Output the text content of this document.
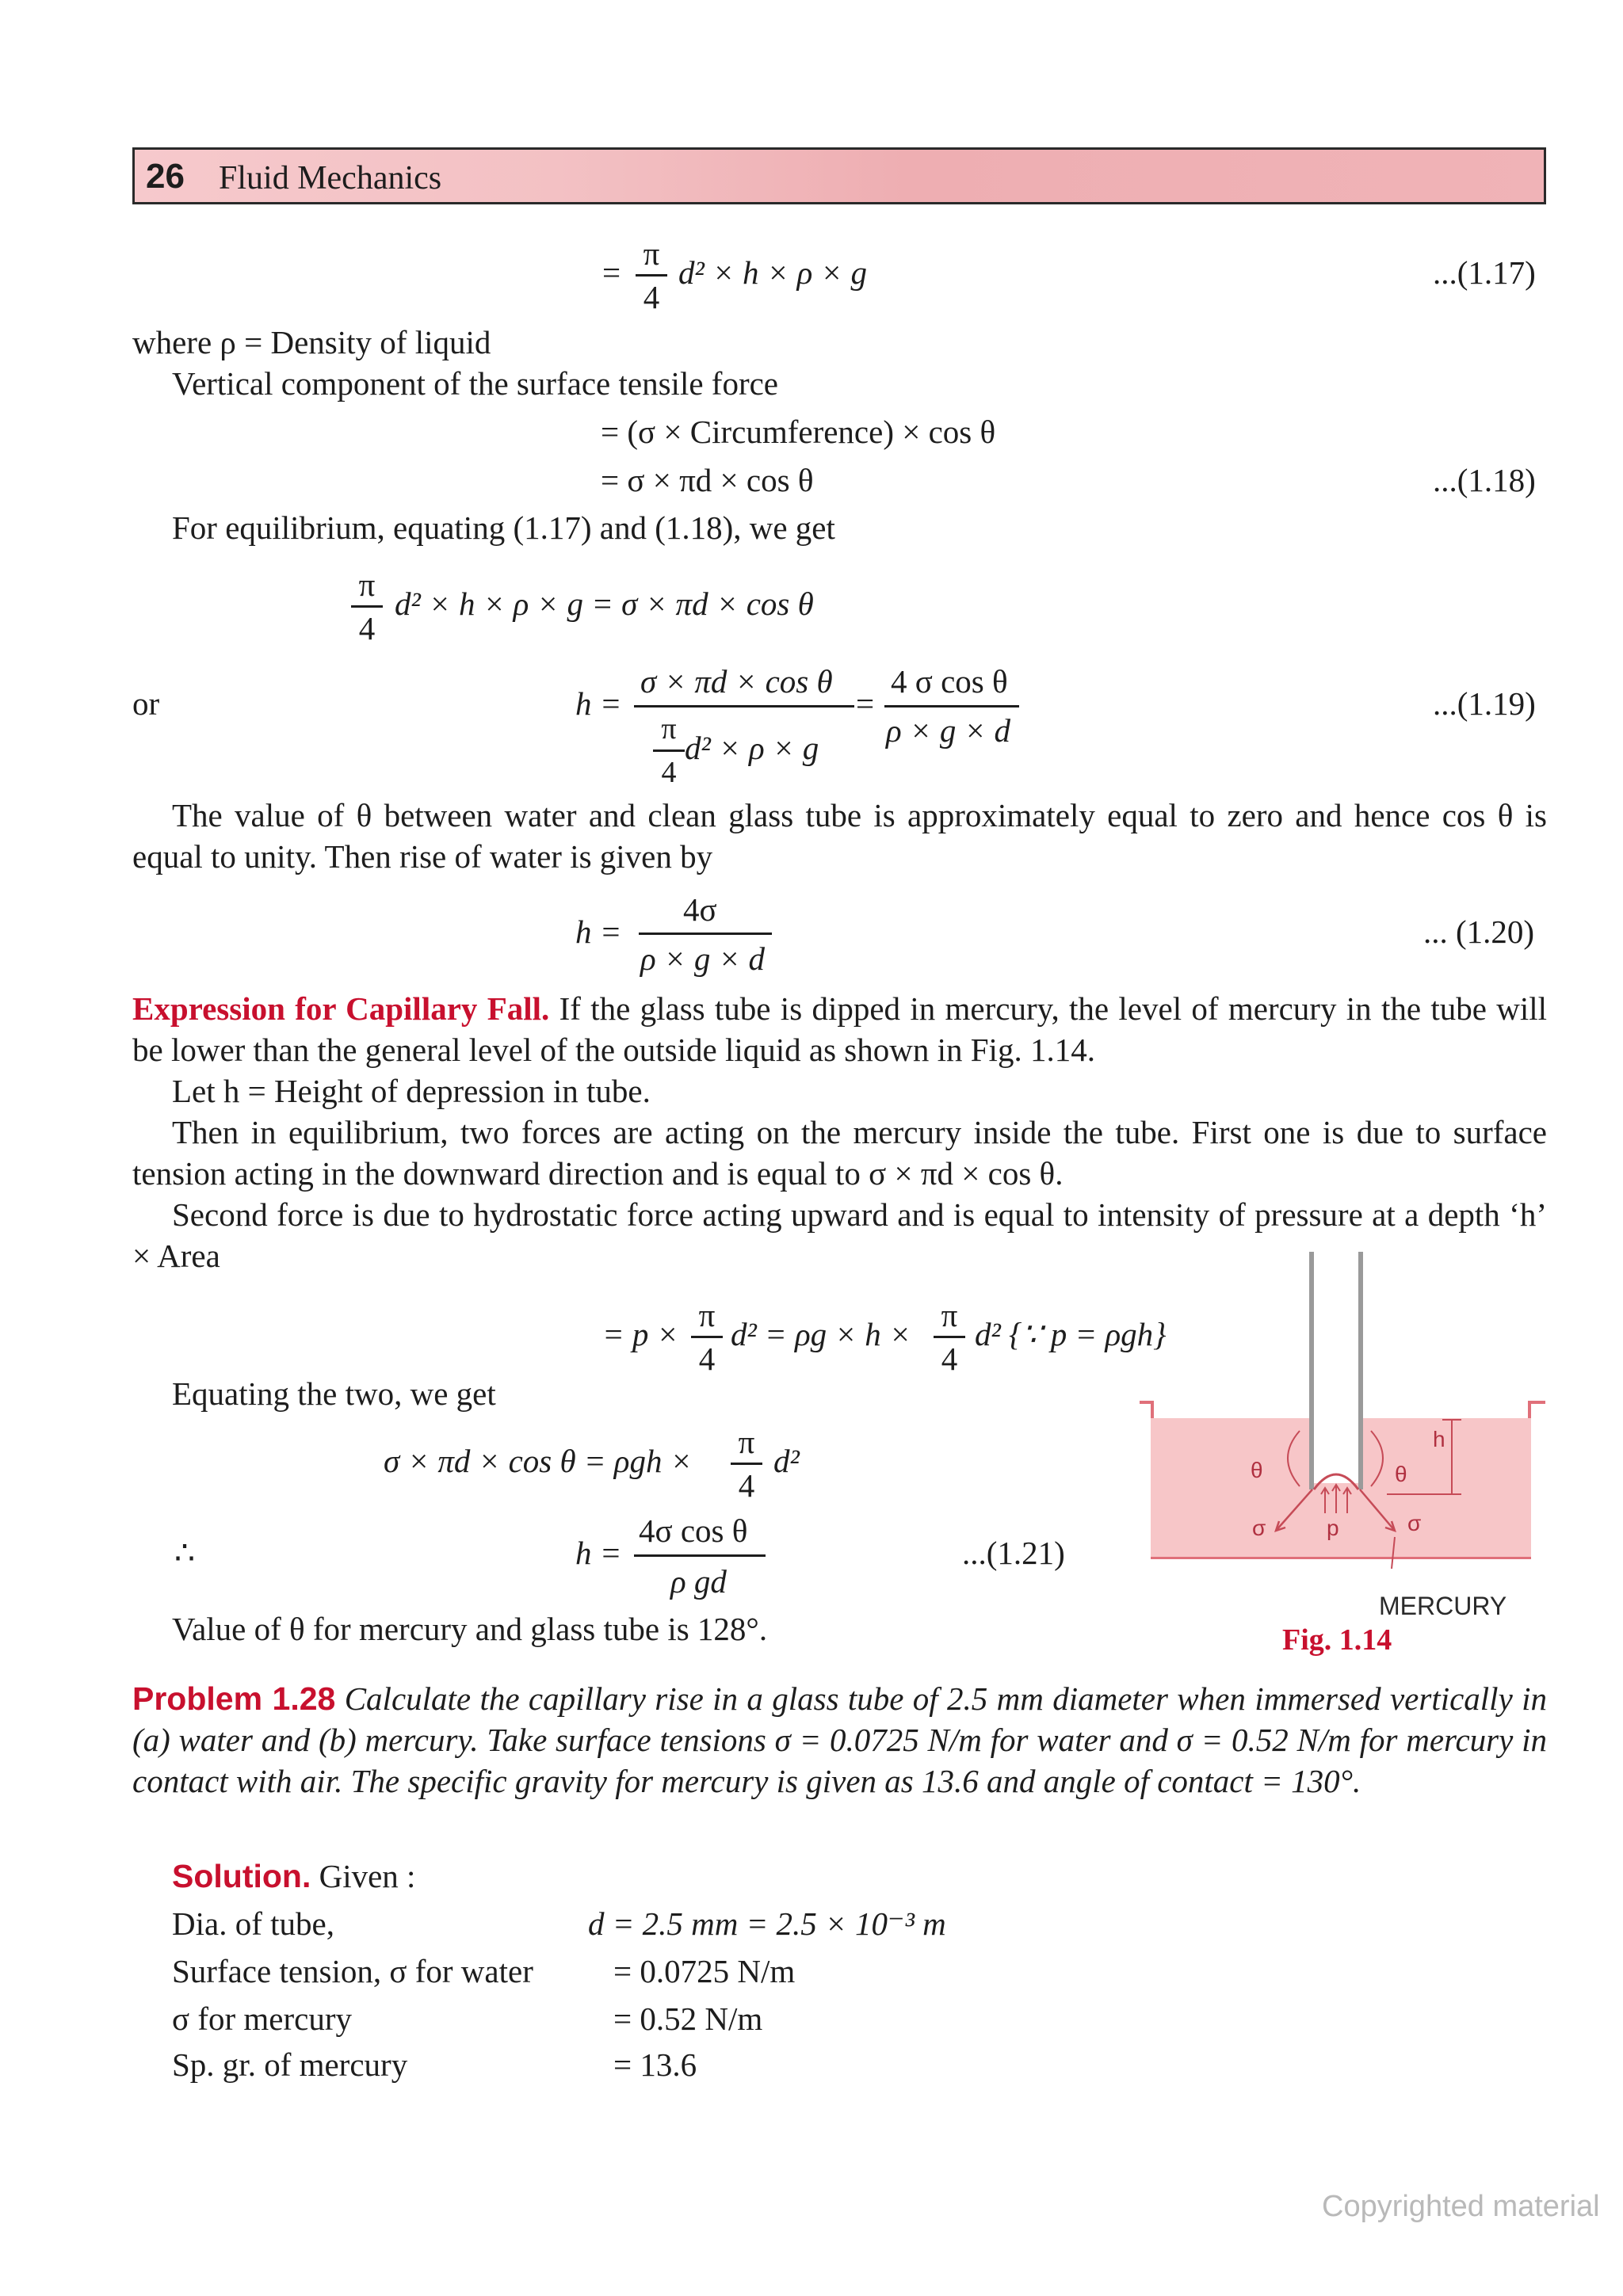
26 Fluid Mechanics
=
π
4
d² × h × ρ × g	...(1.17)
where ρ = Density of liquid
Vertical component of the surface tensile force
= (σ × Circumference) × cos θ
= σ × πd × cos θ	...(1.18)
For equilibrium, equating (1.17) and (1.18), we get
π
4
d² × h × ρ × g = σ × πd × cos θ
or	h =
σ × πd × cos θ
π
4
d² × ρ × g
=
4 σ cos θ
ρ × g × d
...(1.19)
The value of θ between water and clean glass tube is approximately equal to zero and hence cos θ is equal to unity. Then rise of water is given by
h =
4σ
ρ × g × d
... (1.20)
Expression for Capillary Fall. If the glass tube is dipped in mercury, the level of mercury in the tube will be lower than the general level of the outside liquid as shown in Fig. 1.14.
Let h = Height of depression in tube.
Then in equilibrium, two forces are acting on the mercury inside the tube. First one is due to surface tension acting in the downward direction and is equal to σ × πd × cos θ.
Second force is due to hydrostatic force acting upward and is equal to intensity of pressure at a depth ‘h’ × Area
= p ×
π
4
d² = ρg × h ×
π
4
d² {∵ p = ρgh}
Equating the two, we get
σ × πd × cos θ = ρgh ×
π
4
d²
∴	h =
4σ cos θ
ρ gd
...(1.21)
Value of θ for mercury and glass tube is 128°.
θ	θ
σ	σ
p
h
MERCURY
Fig. 1.14
Problem 1.28 Calculate the capillary rise in a glass tube of 2.5 mm diameter when immersed vertically in (a) water and (b) mercury. Take surface tensions σ = 0.0725 N/m for water and σ = 0.52 N/m for mercury in contact with air. The specific gravity for mercury is given as 13.6 and angle of contact = 130°.
Solution. Given :
Dia. of tube,	d = 2.5 mm = 2.5 × 10⁻³ m
Surface tension, σ for water = 0.0725 N/m
σ for mercury	= 0.52 N/m
Sp. gr. of mercury	= 13.6
Copyrighted material
